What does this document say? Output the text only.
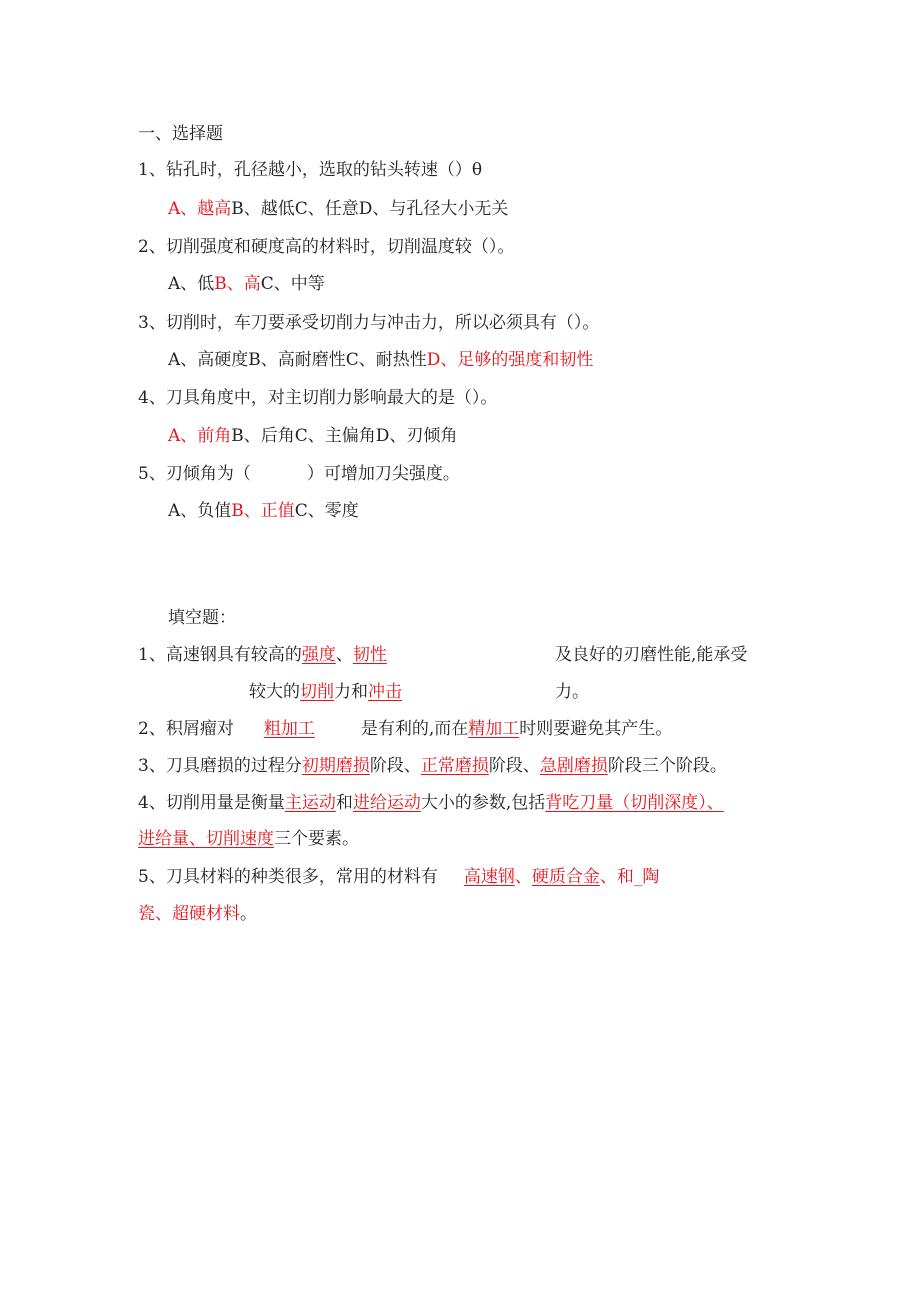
一、选择题
1、钻孔时，孔径越小，选取的钻头转速（）θ
A、越高B、越低C、任意D、与孔径大小无关
2、切削强度和硬度高的材料时，切削温度较（）。
A、低B、高C、中等
3、切削时，车刀要承受切削力与冲击力，所以必须具有（）。
A、高硬度B、高耐磨性C、耐热性D、足够的强度和韧性
4、刀具角度中，对主切削力影响最大的是（）。
A、前角B、后角C、主偏角D、刃倾角
5、刃倾角为（	）可增加刀尖强度。
A、负值B、正值C、零度
填空题：
1、高速钢具有较高的强度、韧性	及良好的刃磨性能,能承受
较大的切削力和冲击	力。
2、积屑瘤对 粗加工	是有利的,而在精加工时则要避免其产生。
3、刀具磨损的过程分初期磨损阶段、正常磨损阶段、急剧磨损阶段三个阶段。
4、切削用量是衡量主运动和进给运动大小的参数,包括背吃刀量（切削深度）、
进给量、切削速度三个要素。
5、刀具材料的种类很多，常用的材料有 高速钢、硬质合金、和_陶
瓷、超硬材料。
